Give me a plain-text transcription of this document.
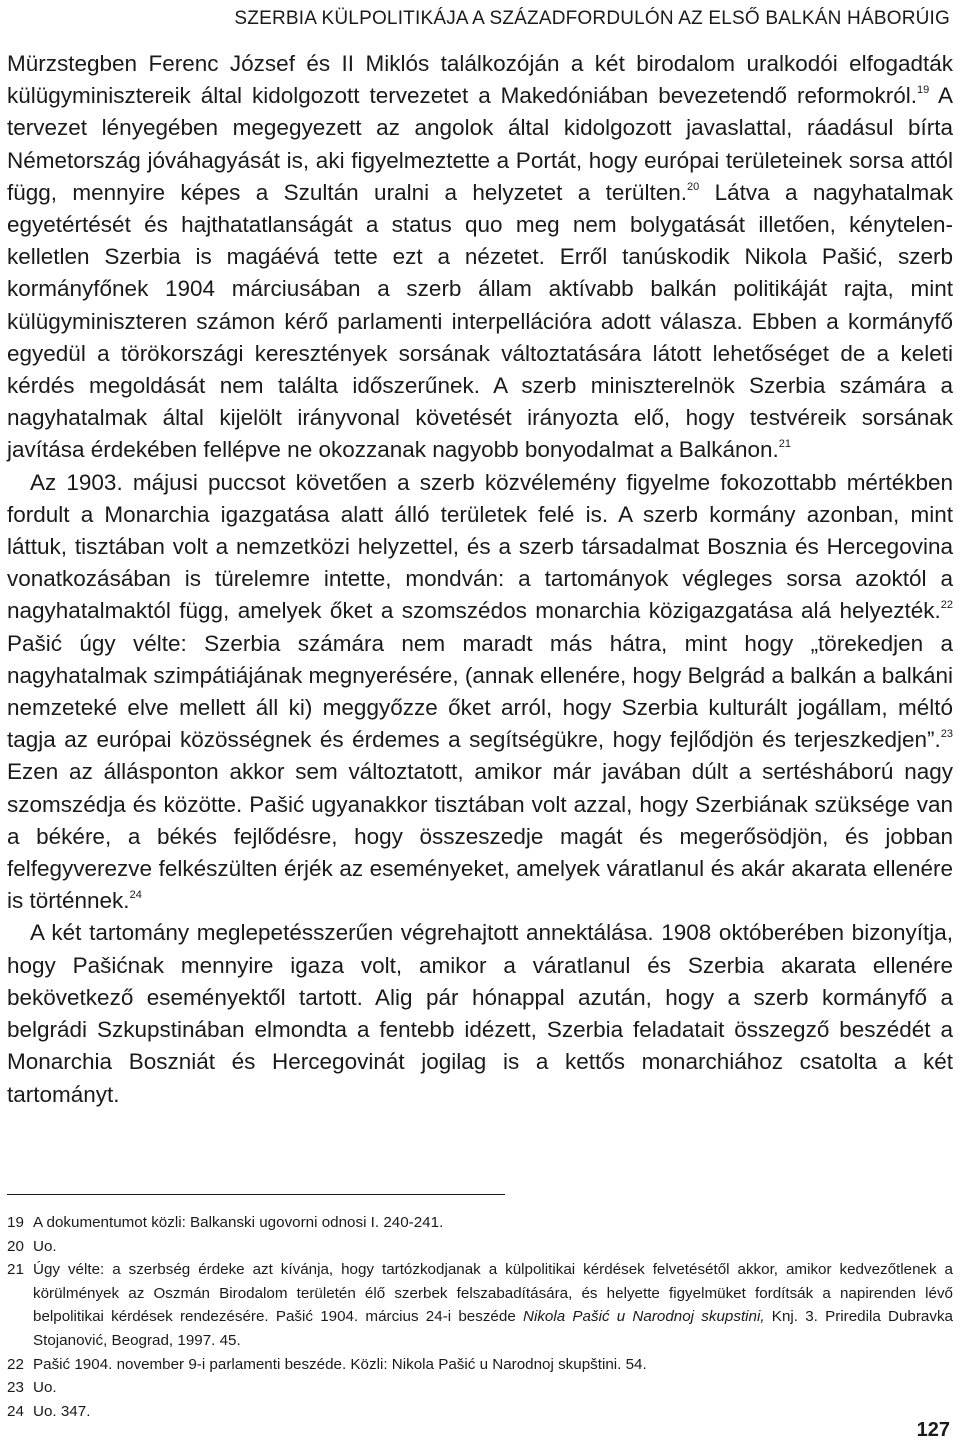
SZERBIA KÜLPOLITIKÁJA A SZÁZADFORDULÓN AZ ELSŐ BALKÁN HÁBORÚIG

Mürzstegben Ferenc József és II Miklós találkozóján a két birodalom uralkodói elfogadták külügyminisztereik által kidolgozott tervezetet a Makedóniában bevezetendő reformokról.$^{19}$ A tervezet lényegében megegyezett az angolok által kidolgozott javaslattal, ráadásul bírta Németország jóváhagyását is, aki figyelmeztette a Portát, hogy európai területeinek sorsa attól függ, mennyire képes a Szultán uralni a helyzetet a terülten.$^{20}$ Látva a nagyhatalmak egyetértését és hajthatatlanságát a status quo meg nem bolygatását illetően, kénytelen-kelletlen Szerbia is magáévá tette ezt a nézetet. Erről tanúskodik Nikola Pašić, szerb kormányfőnek 1904 márciusában a szerb állam aktívabb balkán politikáját rajta, mint külügyminiszteren számon kérő parlamenti interpellációra adott válasza. Ebben a kormányfő egyedül a törökországi keresztények sorsának változtatására látott lehetőséget de a keleti kérdés megoldását nem találta időszerűnek. A szerb miniszterelnök Szerbia számára a nagyhatalmak által kijelölt irányvonal követését irányozta elő, hogy testvéreik sorsának javítása érdekében fellépve ne okozzanak nagyobb bonyodalmat a Balkánon.$^{21}$

Az 1903. májusi puccsot követően a szerb közvélemény figyelme fokozottabb mértékben fordult a Monarchia igazgatása alatt álló területek felé is. A szerb kormány azonban, mint láttuk, tisztában volt a nemzetközi helyzettel, és a szerb társadalmat Bosznia és Hercegovina vonatkozásában is türelemre intette, mondván: a tartományok végleges sorsa azoktól a nagyhatalmaktól függ, amelyek őket a szomszédos monarchia közigazgatása alá helyezték.$^{22}$ Pašić úgy vélte: Szerbia számára nem maradt más hátra, mint hogy „törekedjen a nagyhatalmak szimpátiájának megnyerésére, (annak ellenére, hogy Belgrád a balkán a balkáni nemzeteké elve mellett áll ki) meggyőzze őket arról, hogy Szerbia kulturált jogállam, méltó tagja az európai közösségnek és érdemes a segítségükre, hogy fejlődjön és terjeszkedjen”.$^{23}$ Ezen az állásponton akkor sem változtatott, amikor már javában dúlt a sertésháború nagy szomszédja és közötte. Pašić ugyanakkor tisztában volt azzal, hogy Szerbiának szüksége van a békére, a békés fejlődésre, hogy összeszedje magát és megerősödjön, és jobban felfegyverezve felkészülten érjék az eseményeket, amelyek váratlanul és akár akarata ellenére is történnek.$^{24}$

A két tartomány meglepetésszerűen végrehajtott annektálása. 1908 októberében bizonyítja, hogy Pašićnak mennyire igaza volt, amikor a váratlanul és Szerbia akarata ellenére bekövetkező eseményektől tartott. Alig pár hónappal azután, hogy a szerb kormányfő a belgrádi Szkupstinában elmondta a fentebb idézett, Szerbia feladatait összegző beszédét a Monarchia Boszniát és Hercegovinát jogilag is a kettős monarchiához csatolta a két tartományt.

19 A dokumentumot közli: Balkanski ugovorni odnosi I. 240-241.
20 Uo.
21 Úgy vélte: a szerbség érdeke azt kívánja, hogy tartózkodjanak a külpolitikai kérdések felvetésétől akkor, amikor kedvezőtlenek a körülmények az Oszmán Birodalom területén élő szerbek felszabadítására, és helyette figyelmüket fordítsák a napirenden lévő belpolitikai kérdések rendezésére. Pašić 1904. március 24-i beszéde Nikola Pašić u Narodnoj skupstini, Knj. 3. Priredila Dubravka Stojanović, Beograd, 1997. 45.
22 Pašić 1904. november 9-i parlamenti beszéde. Közli: Nikola Pašić u Narodnoj skupštini. 54.
23 Uo.
24 Uo. 347.
127
